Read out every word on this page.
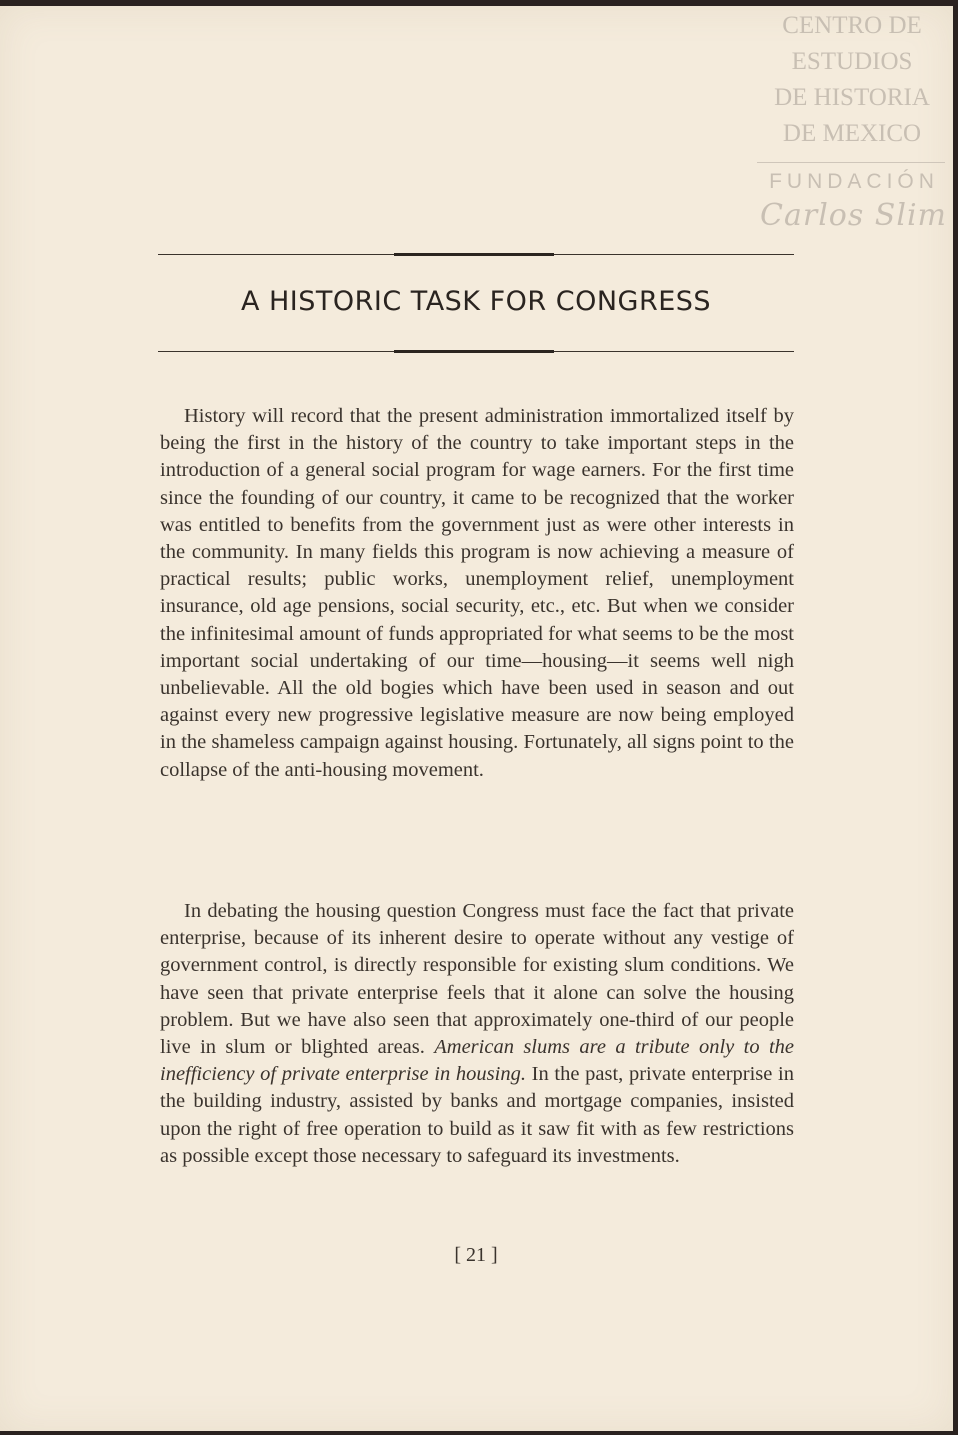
CENTRO DE
ESTUDIOS
DE HISTORIA
DE MEXICO
FUNDACIÓN
Carlos Slim
A HISTORIC TASK FOR CONGRESS

History will record that the present administration immortalized itself by being the first in the history of the country to take important steps in the introduction of a general social program for wage earners. For the first time since the founding of our country, it came to be recognized that the worker was entitled to benefits from the government just as were other interests in the community. In many fields this program is now achieving a measure of practical results; public works, unemployment relief, unemployment insurance, old age pensions, social security, etc., etc. But when we consider the infinitesimal amount of funds appropriated for what seems to be the most important social undertaking of our time—housing—it seems well nigh unbelievable. All the old bogies which have been used in season and out against every new progressive legislative measure are now being employed in the shameless campaign against housing. Fortunately, all signs point to the collapse of the anti-housing movement.

In debating the housing question Congress must face the fact that private enterprise, because of its inherent desire to operate without any vestige of government control, is directly responsible for existing slum conditions. We have seen that private enterprise feels that it alone can solve the housing problem. But we have also seen that approximately one-third of our people live in slum or blighted areas. American slums are a tribute only to the inefficiency of private enterprise in housing. In the past, private enterprise in the building industry, assisted by banks and mortgage companies, insisted upon the right of free operation to build as it saw fit with as few restrictions as possible except those necessary to safeguard its investments.

[ 21 ]
